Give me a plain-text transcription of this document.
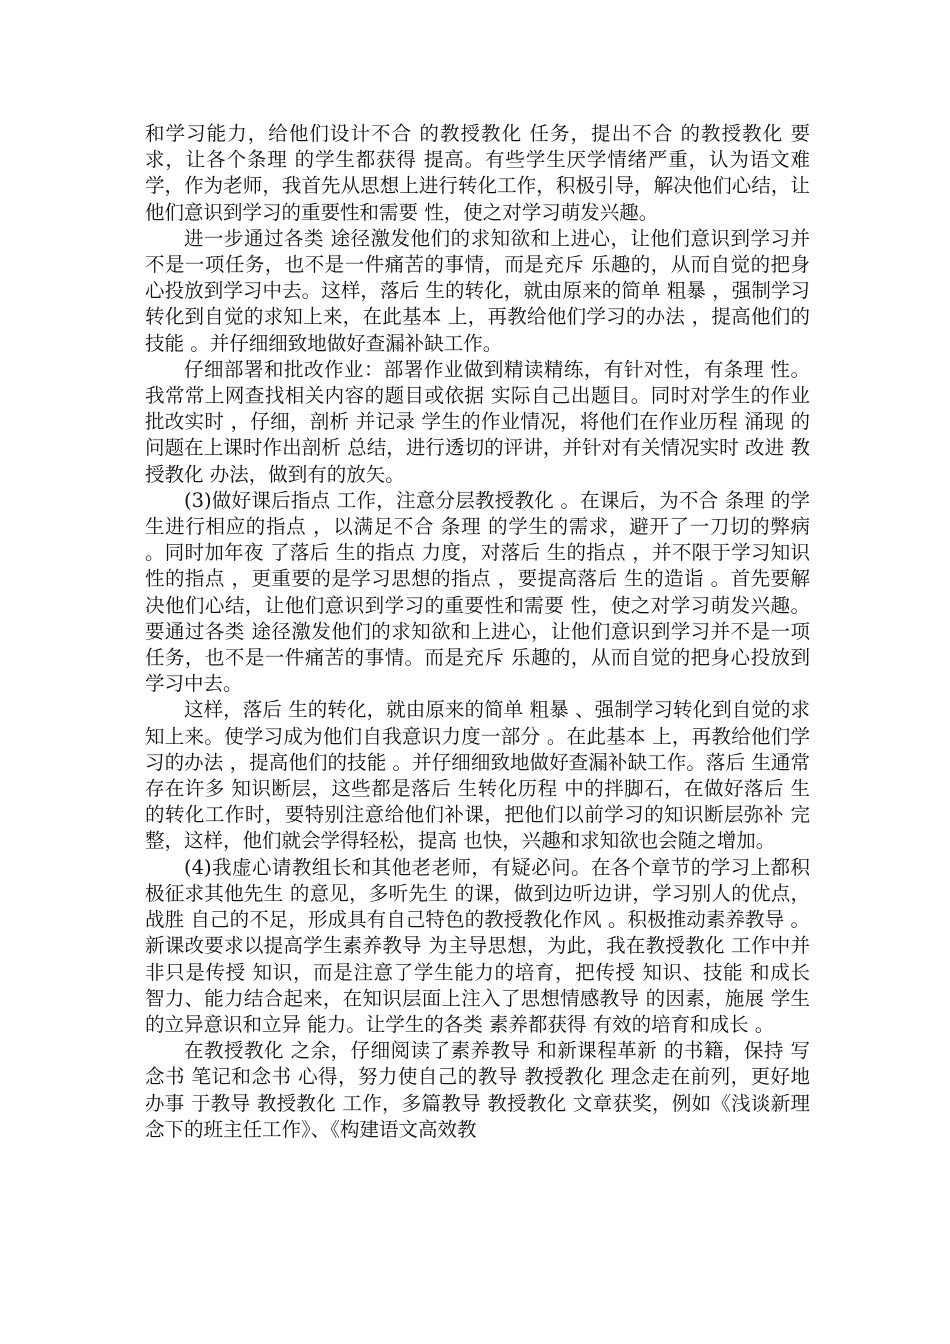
和学习能力，给他们设计不合 的教授教化 任务，提出不合 的教授教化 要求，让各个条理 的学生都获得 提高。有些学生厌学情绪严重，认为语文难学，作为老师，我首先从思想上进行转化工作，积极引导，解决他们心结，让他们意识到学习的重要性和需要 性，使之对学习萌发兴趣。

进一步通过各类 途径激发他们的求知欲和上进心，让他们意识到学习并不是一项任务，也不是一件痛苦的事情，而是充斥 乐趣的，从而自觉的把身心投放到学习中去。这样，落后 生的转化，就由原来的简单 粗暴 ，强制学习转化到自觉的求知上来，在此基本 上，再教给他们学习的办法 ，提高他们的技能 。并仔细细致地做好查漏补缺工作。

仔细部署和批改作业：部署作业做到精读精练，有针对性，有条理 性。我常常上网查找相关内容的题目或依据 实际自己出题目。同时对学生的作业批改实时 ，仔细，剖析 并记录 学生的作业情况，将他们在作业历程 涌现 的问题在上课时作出剖析 总结，进行透切的评讲，并针对有关情况实时 改进 教授教化 办法，做到有的放矢。

(3)做好课后指点 工作，注意分层教授教化 。在课后，为不合 条理 的学生进行相应的指点 ，以满足不合 条理 的学生的需求，避开了一刀切的弊病 。同时加年夜 了落后 生的指点 力度，对落后 生的指点 ，并不限于学习知识性的指点 ，更重要的是学习思想的指点 ，要提高落后 生的造诣 。首先要解决他们心结，让他们意识到学习的重要性和需要 性，使之对学习萌发兴趣。要通过各类 途径激发他们的求知欲和上进心，让他们意识到学习并不是一项任务，也不是一件痛苦的事情。而是充斥 乐趣的，从而自觉的把身心投放到学习中去。

这样，落后 生的转化，就由原来的简单 粗暴 、强制学习转化到自觉的求知上来。使学习成为他们自我意识力度一部分 。在此基本 上，再教给他们学习的办法 ，提高他们的技能 。并仔细细致地做好查漏补缺工作。落后 生通常存在许多 知识断层，这些都是落后 生转化历程 中的拌脚石，在做好落后 生的转化工作时，要特别注意给他们补课，把他们以前学习的知识断层弥补 完整，这样，他们就会学得轻松，提高 也快，兴趣和求知欲也会随之增加。

(4)我虚心请教组长和其他老老师，有疑必问。在各个章节的学习上都积极征求其他先生 的意见，多听先生 的课，做到边听边讲，学习别人的优点，战胜 自己的不足，形成具有自己特色的教授教化作风 。积极推动素养教导 。新课改要求以提高学生素养教导 为主导思想，为此，我在教授教化 工作中并非只是传授 知识，而是注意了学生能力的培育，把传授 知识、技能 和成长 智力、能力结合起来，在知识层面上注入了思想情感教导 的因素，施展 学生的立异意识和立异 能力。让学生的各类 素养都获得 有效的培育和成长 。

在教授教化 之余，仔细阅读了素养教导 和新课程革新 的书籍，保持 写念书 笔记和念书 心得，努力使自己的教导 教授教化 理念走在前列，更好地办事 于教导 教授教化 工作，多篇教导 教授教化 文章获奖，例如《浅谈新理念下的班主任工作》、《构建语文高效教
